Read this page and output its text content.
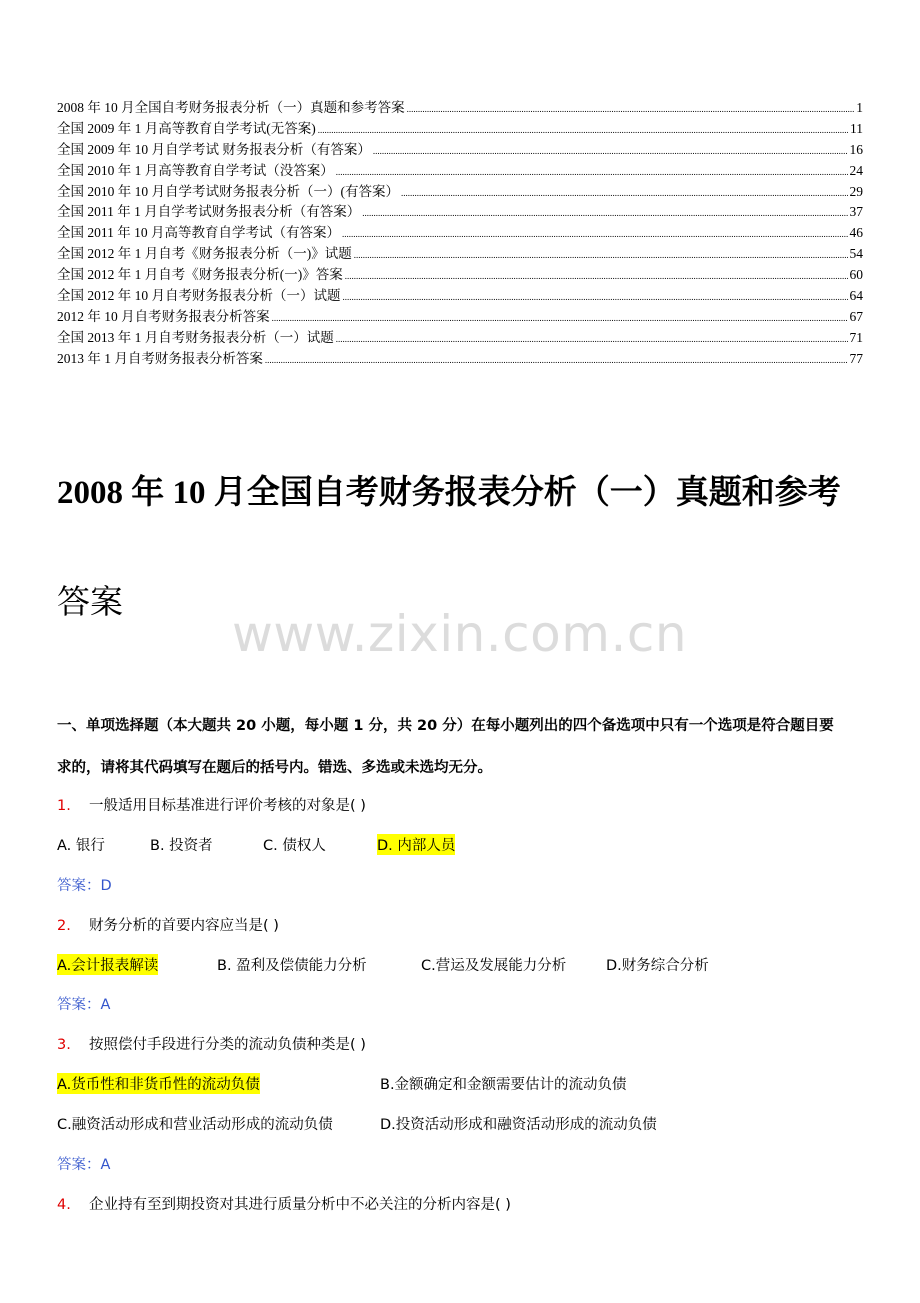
2008 年 10 月全国自考财务报表分析（一）真题和参考答案 .....	1
全国 2009 年 1 月高等教育自学考试(无答案) .....	11
全国 2009 年 10 月自学考试 财务报表分析（有答案） .....	16
全国 2010 年 1 月高等教育自学考试（没答案） .....	24
全国 2010 年 10 月自学考试财务报表分析（一）(有答案） .....	29
全国 2011 年 1 月自学考试财务报表分析（有答案） .....	37
全国 2011 年 10 月高等教育自学考试（有答案） .....	46
全国 2012 年 1 月自考《财务报表分析（一)》试题 .....	54
全国 2012 年 1 月自考《财务报表分析(一)》答案 .....	60
全国 2012 年 10 月自考财务报表分析（一）试题 .....	64
2012 年 10 月自考财务报表分析答案 .....	67
全国 2013 年 1 月自考财务报表分析（一）试题 .....	71
2013 年 1 月自考财务报表分析答案 .....	77
2008 年 10 月全国自考财务报表分析（一）真题和参考
答案
www.zixin.com.cn
一、单项选择题（本大题共 20 小题，每小题 1 分，共 20 分）在每小题列出的四个备选项中只有一个选项是符合题目要
求的，请将其代码填写在题后的括号内。错选、多选或未选均无分。
1. 一般适用目标基准进行评价考核的对象是( )
A. 银行	B. 投资者	C. 债权人	D. 内部人员
答案：D
2. 财务分析的首要内容应当是( )
A.会计报表解读	B. 盈利及偿债能力分析	C.营运及发展能力分析	D.财务综合分析
答案：A
3. 按照偿付手段进行分类的流动负债种类是( )
A.货币性和非货币性的流动负债	B.金额确定和金额需要估计的流动负债
C.融资活动形成和营业活动形成的流动负债	D.投资活动形成和融资活动形成的流动负债
答案：A
4. 企业持有至到期投资对其进行质量分析中不必关注的分析内容是( )
